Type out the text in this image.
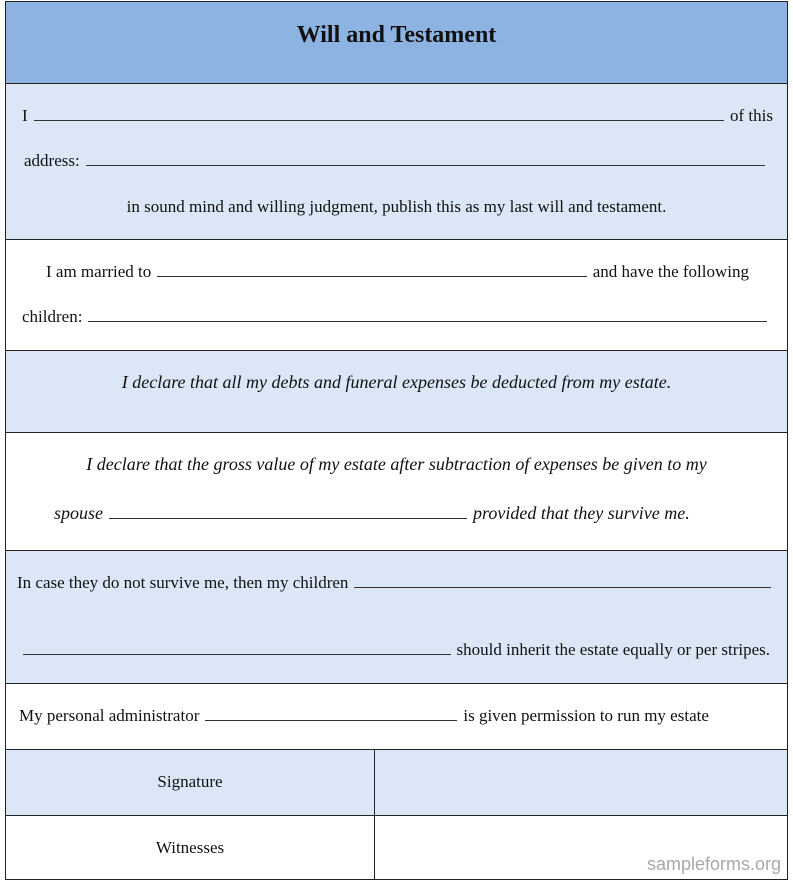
Will and Testament
I	of this
address:
in sound mind and willing judgment, publish this as my last will and testament.
I am married to	and have the following
children:
I declare that all my debts and funeral expenses be deducted from my estate.
I declare that the gross value of my estate after subtraction of expenses be given to my
spouse	provided that they survive me.
In case they do not survive me, then my children
should inherit the estate equally or per stripes.
My personal administrator	is given permission to run my estate
Signature
Witnesses
sampleforms.org
